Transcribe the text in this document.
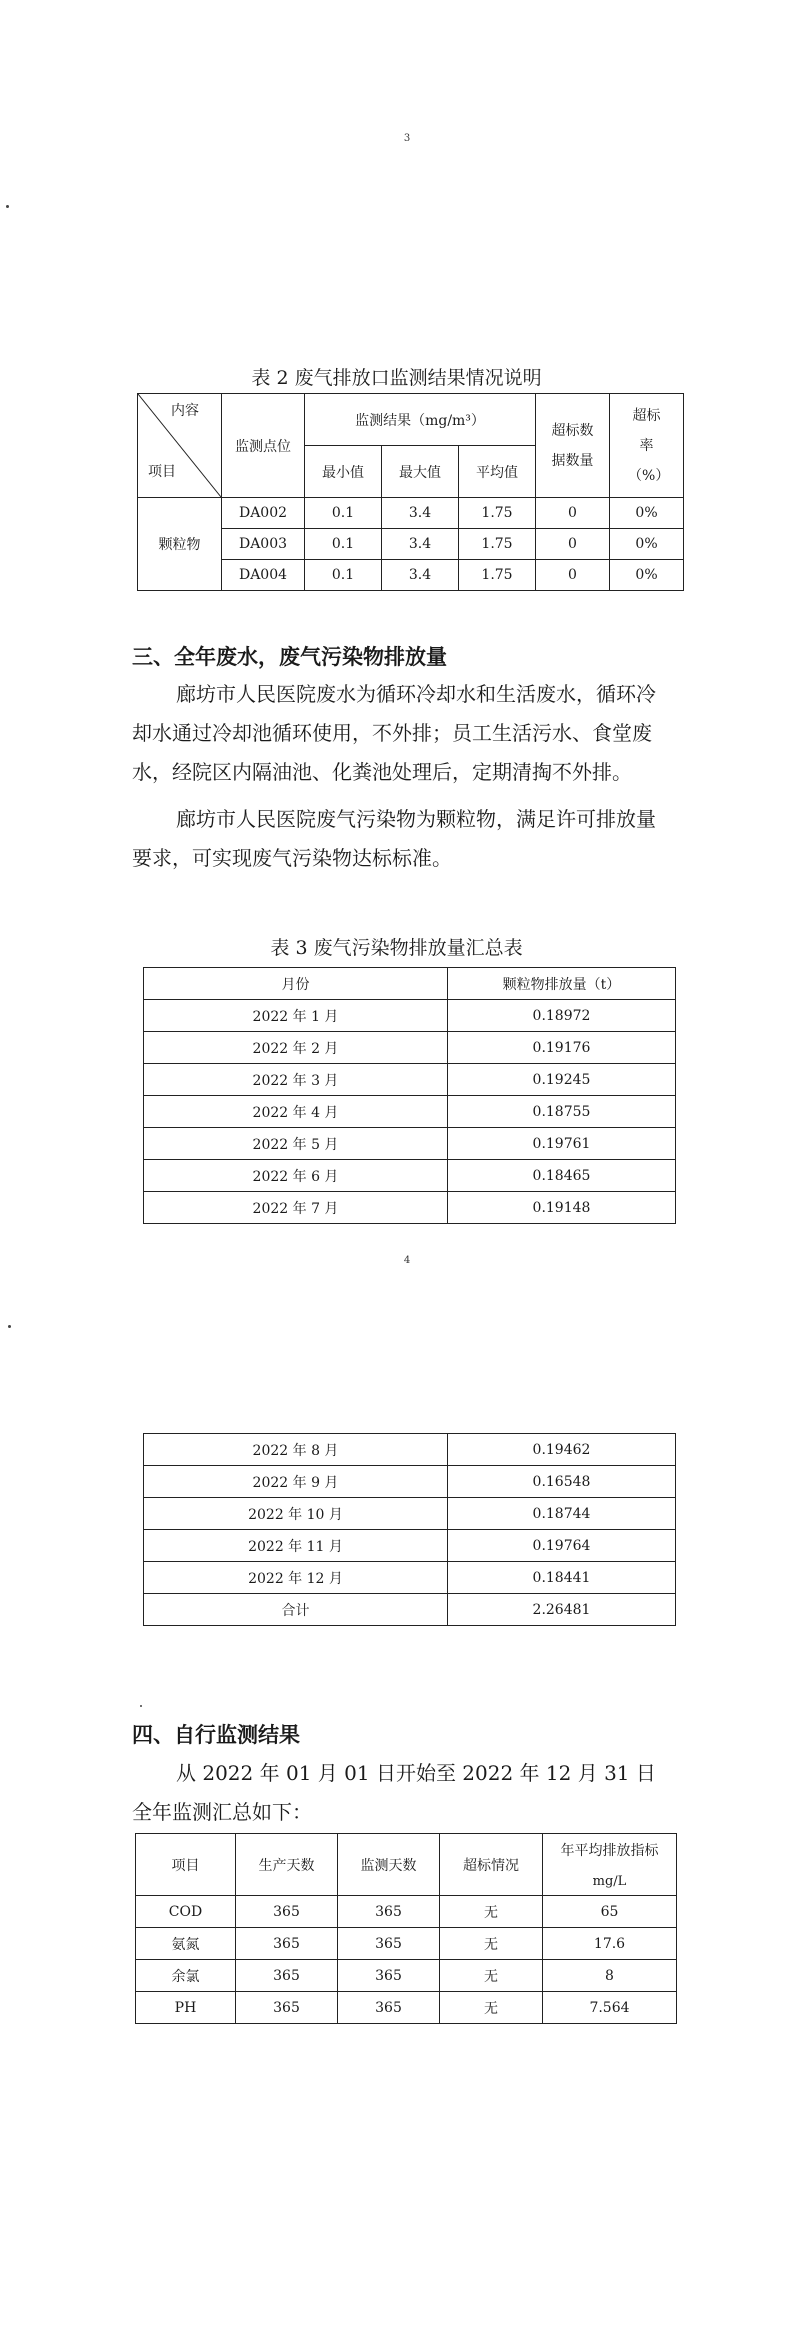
3
表 2 废气排放口监测结果情况说明
内容
项目	监测点位	监测结果（mg/m³）			超标数据数量	超标率（%）
		最小值	最大值	平均值		
颗粒物	DA002	0.1	3.4	1.75	0	0%
	DA003	0.1	3.4	1.75	0	0%
	DA004	0.1	3.4	1.75	0	0%
三、全年废水，废气污染物排放量
廊坊市人民医院废水为循环冷却水和生活废水，循环冷却水通过冷却池循环使用，不外排；员工生活污水、食堂废水，经院区内隔油池、化粪池处理后，定期清掏不外排。
廊坊市人民医院废气污染物为颗粒物，满足许可排放量要求，可实现废气污染物达标标准。
表 3 废气污染物排放量汇总表
月份	颗粒物排放量（t）
2022 年 1 月	0.18972
2022 年 2 月	0.19176
2022 年 3 月	0.19245
2022 年 4 月	0.18755
2022 年 5 月	0.19761
2022 年 6 月	0.18465
2022 年 7 月	0.19148
4
2022 年 8 月	0.19462
2022 年 9 月	0.16548
2022 年 10 月	0.18744
2022 年 11 月	0.19764
2022 年 12 月	0.18441
合计	2.26481
四、自行监测结果
从 2022 年 01 月 01 日开始至 2022 年 12 月 31 日全年监测汇总如下：
项目	生产天数	监测天数	超标情况	年平均排放指标
mg/L

COD	365	365	无	65
氨氮	365	365	无	17.6
余氯	365	365	无	8
PH	365	365	无	7.564
